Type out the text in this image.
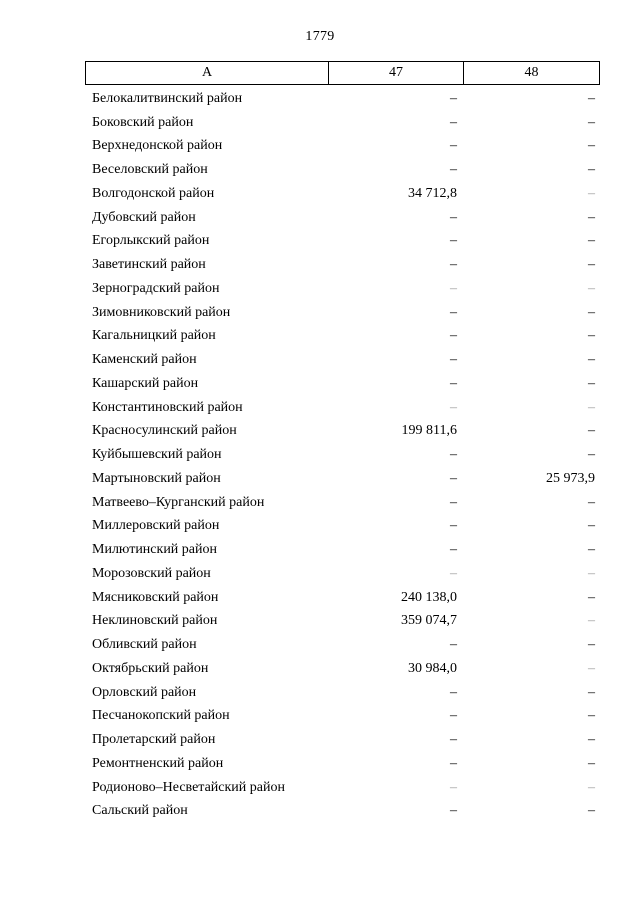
1779
А	47	48
Белокалитвинский район	–	–
Боковский район	–	–
Верхнедонской район	–	–
Веселовский район	–	–
Волгодонской район	34 712,8	–
Дубовский район	–	–
Егорлыкский район	–	–
Заветинский район	–	–
Зерноградский район	–	–
Зимовниковский район	–	–
Кагальницкий район	–	–
Каменский район	–	–
Кашарский район	–	–
Константиновский район	–	–
Красносулинский район	199 811,6	–
Куйбышевский район	–	–
Мартыновский район	–	25 973,9
Матвеево–Курганский район	–	–
Миллеровский район	–	–
Милютинский район	–	–
Морозовский район	–	–
Мясниковский район	240 138,0	–
Неклиновский район	359 074,7	–
Обливский район	–	–
Октябрьский район	30 984,0	–
Орловский район	–	–
Песчанокопский район	–	–
Пролетарский район	–	–
Ремонтненский район	–	–
Родионово–Несветайский район	–	–
Сальский район	–	–
